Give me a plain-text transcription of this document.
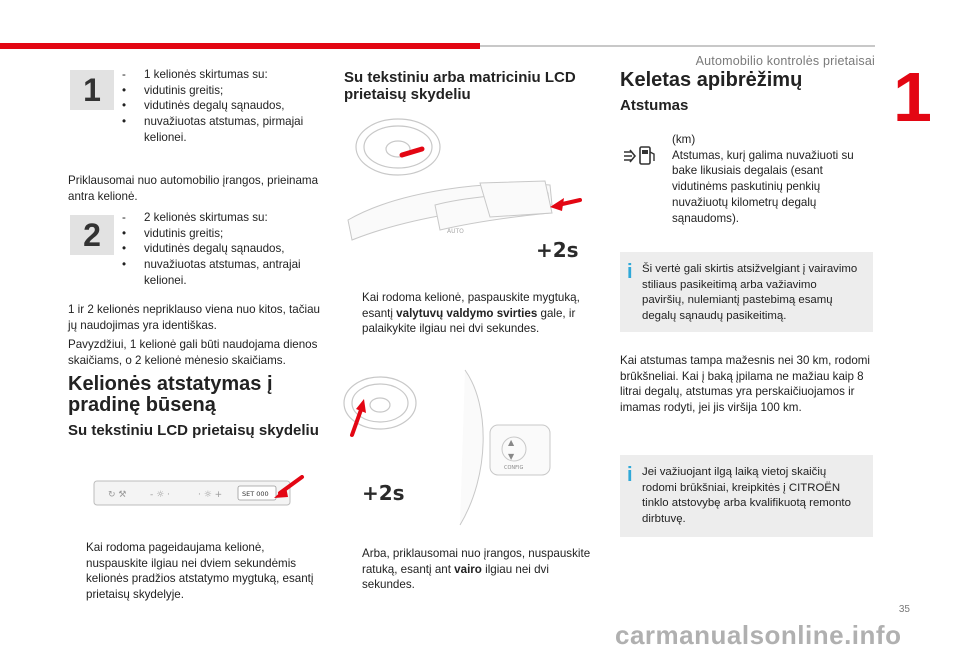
Automobilio kontrolės prietaisai 1
35
carmanualsonline.info
1	-	1 kelionės skirtumas su:
•	vidutinis greitis;
•	vidutinės degalų sąnaudos,
•	nuvažiuotas atstumas, pirmajai kelionei.
Priklausomai nuo automobilio įrangos, prieinama antra kelionė.
2	-	2 kelionės skirtumas su:
•	vidutinis greitis;
•	vidutinės degalų sąnaudos,
•	nuvažiuotas atstumas, antrajai kelionei.
1 ir 2 kelionės nepriklauso viena nuo kitos, tačiau jų naudojimas yra identiškas.
Pavyzdžiui, 1 kelionė gali būti naudojama dienos skaičiams, o 2 kelionė mėnesio skaičiams.
Kelionės atstatymas į pradinę būseną
Su tekstiniu LCD prietaisų skydeliu
↻ ⚒	- ☼ ·	· ☼ +	SET 000
Kai rodoma pageidaujama kelionė, nuspauskite ilgiau nei dviem sekundėmis kelionės pradžios atstatymo mygtuką, esantį prietaisų skydelyje.
Su tekstiniu arba matriciniu LCD prietaisų skydeliu
AUTO
+2s
Kai rodoma kelionė, paspauskite mygtuką, esantį valytuvų valdymo svirties gale, ir palaikykite ilgiau nei dvi sekundes.
▲
▼
CONFIG
+2s
Arba, priklausomai nuo įrangos, nuspauskite ratuką, esantį ant vairo ilgiau nei dvi sekundes.
Keletas apibrėžimų
Atstumas
(km)
Atstumas, kurį galima nuvažiuoti su bake likusiais degalais (esant vidutinėms paskutinių penkių nuvažiuotų kilometrų degalų sąnaudoms).
i Ši vertė gali skirtis atsižvelgiant į vairavimo stiliaus pasikeitimą arba važiavimo paviršių, nulemiantį pastebimą esamų degalų sąnaudų pasikeitimą.
Kai atstumas tampa mažesnis nei 30 km, rodomi brūkšneliai. Kai į baką įpilama ne mažiau kaip 8 litrai degalų, atstumas yra perskaičiuojamos ir imamas rodyti, jei jis viršija 100 km.
i Jei važiuojant ilgą laiką vietoj skaičių rodomi brūkšniai, kreipkitės į CITROËN tinklo atstovybę arba kvalifikuotą remonto dirbtuvę.
